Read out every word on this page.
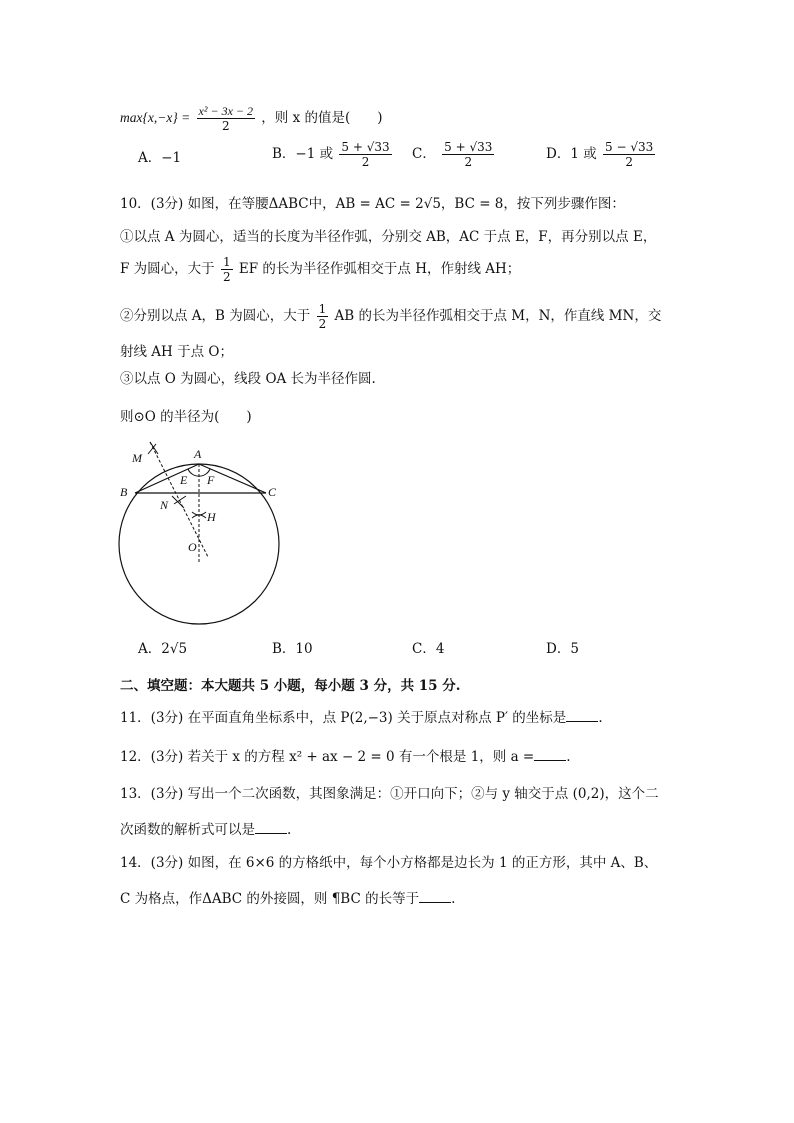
$\max\{x,-x\} = \frac{\text{x² − 3x − 2}}{2}$ ，则 x 的值是(　　)
A．−1	B．−1 或 $\frac{5 + √33}{2}$ C． $\frac{5 + √33}{2}$	D．1 或 $\frac{5 - √33}{2}$
10．(3分) 如图，在等腰ΔABC中，AB = AC = 2√5，BC = 8，按下列步骤作图：
①以点 A 为圆心，适当的长度为半径作弧，分别交 AB，AC 于点 E，F，再分别以点 E，
F 为圆心，大于 $\frac{1}{2}$ EF 的长为半径作弧相交于点 H，作射线 AH；
②分别以点 A，B 为圆心，大于 $\frac{1}{2}$ AB 的长为半径作弧相交于点 M，N，作直线 MN，交
射线 AH 于点 O；
③以点 O 为圆心，线段 OA 长为半径作圆.
则⊙O 的半径为(　　)
M	A
E F
B	C
N
H
O
A．2√5	B．10	C．4	D．5
二、填空题：本大题共 5 小题，每小题 3 分，共 15 分.
11．(3分) 在平面直角坐标系中，点 P(2,−3) 关于原点对称点 P′ 的坐标是 .
12．(3分) 若关于 x 的方程 x² + ax − 2 = 0 有一个根是 1，则 a = .
13．(3分) 写出一个二次函数，其图象满足：①开口向下；②与 y 轴交于点 (0,2)，这个二
次函数的解析式可以是 .
14．(3分) 如图，在 6×6 的方格纸中，每个小方格都是边长为 1 的正方形，其中 A、B、
C 为格点，作ΔABC 的外接圆，则 ¶BC 的长等于 .
